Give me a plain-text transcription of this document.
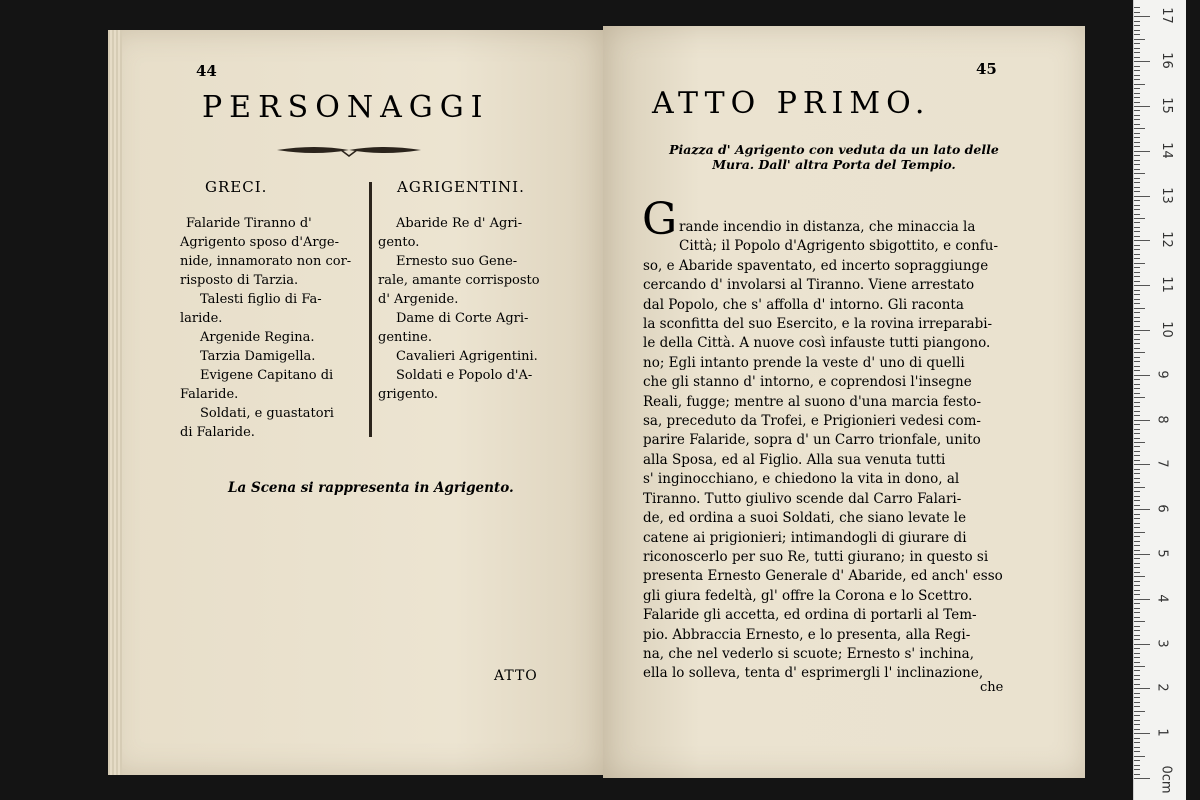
44
PERSONAGGI
GRECI.	AGRIGENTINI.
Falaride Tiranno d'
Agrigento sposo d'Arge-
nide, innamorato non cor-
risposto di Tarzia.
Talesti figlio di Fa-
laride.
Argenide Regina.
Tarzia Damigella.
Evigene Capitano di
Falaride.
Soldati, e guastatori
di Falaride.
Abaride Re d' Agri-
gento.
Ernesto suo Gene-
rale, amante corrisposto
d' Argenide.
Dame di Corte Agri-
gentine.
Cavalieri Agrigentini.
Soldati e Popolo d'A-
grigento.
La Scena si rappresenta in Agrigento.
ATTO
45
ATTO PRIMO.
Piazza d' Agrigento con veduta da un lato delle
Mura. Dall' altra Porta del Tempio.
G rande incendio in distanza, che minaccia la
Città; il Popolo d'Agrigento sbigottito, e confu-
so, e Abaride spaventato, ed incerto sopraggiunge
cercando d' involarsi al Tiranno. Viene arrestato
dal Popolo, che s' affolla d' intorno. Gli raconta
la sconfitta del suo Esercito, e la rovina irreparabi-
le della Città. A nuove così infauste tutti piangono.
no; Egli intanto prende la veste d' uno di quelli
che gli stanno d' intorno, e coprendosi l'insegne
Reali, fugge; mentre al suono d'una marcia festo-
sa, preceduto da Trofei, e Prigionieri vedesi com-
parire Falaride, sopra d' un Carro trionfale, unito
alla Sposa, ed al Figlio. Alla sua venuta tutti
s' inginocchiano, e chiedono la vita in dono, al
Tiranno. Tutto giulivo scende dal Carro Falari-
de, ed ordina a suoi Soldati, che siano levate le
catene ai prigionieri; intimandogli di giurare di
riconoscerlo per suo Re, tutti giurano; in questo si
presenta Ernesto Generale d' Abaride, ed anch' esso
gli giura fedeltà, gl' offre la Corona e lo Scettro.
Falaride gli accetta, ed ordina di portarli al Tem-
pio. Abbraccia Ernesto, e lo presenta, alla Regi-
na, che nel vederlo si scuote; Ernesto s' inchina,
ella lo solleva, tenta d' esprimergli l' inclinazione,
che
0cm
1
2
3
4
5
6
7
8
9
10
11
12
13
14
15
16
17
